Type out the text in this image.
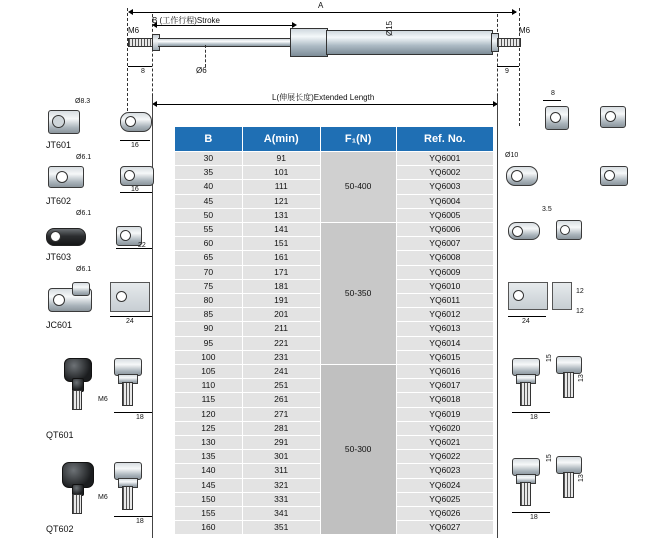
A
B (工作行程)Stroke
L(伸展长度)Extended Length
M6
8	Ø6
Ø15	M6
9
8
Ø8.3
JT601	16
Ø6.1
JT602
16
Ø6.1
JT603
22
Ø6.1
JC601	24
M6
QT601
18
M6
QT602
18
Ø10
3.5
12
12
24
15
13
18
15
13
18
B	A(min)	F₁(N)	Ref. No.
30	91	50-400	YQ6001
35	101		YQ6002
40	111		YQ6003
45	121		YQ6004
50	131		YQ6005
55	141	50-350	YQ6006
60	151		YQ6007
65	161		YQ6008
70	171		YQ6009
75	181		YQ6010
80	191		YQ6011
85	201		YQ6012
90	211		YQ6013
95	221		YQ6014
100	231		YQ6015
105	241	50-300	YQ6016
110	251		YQ6017
115	261		YQ6018
120	271		YQ6019
125	281		YQ6020
130	291		YQ6021
135	301		YQ6022
140	311		YQ6023
145	321		YQ6024
150	331		YQ6025
155	341		YQ6026
160	351		YQ6027
